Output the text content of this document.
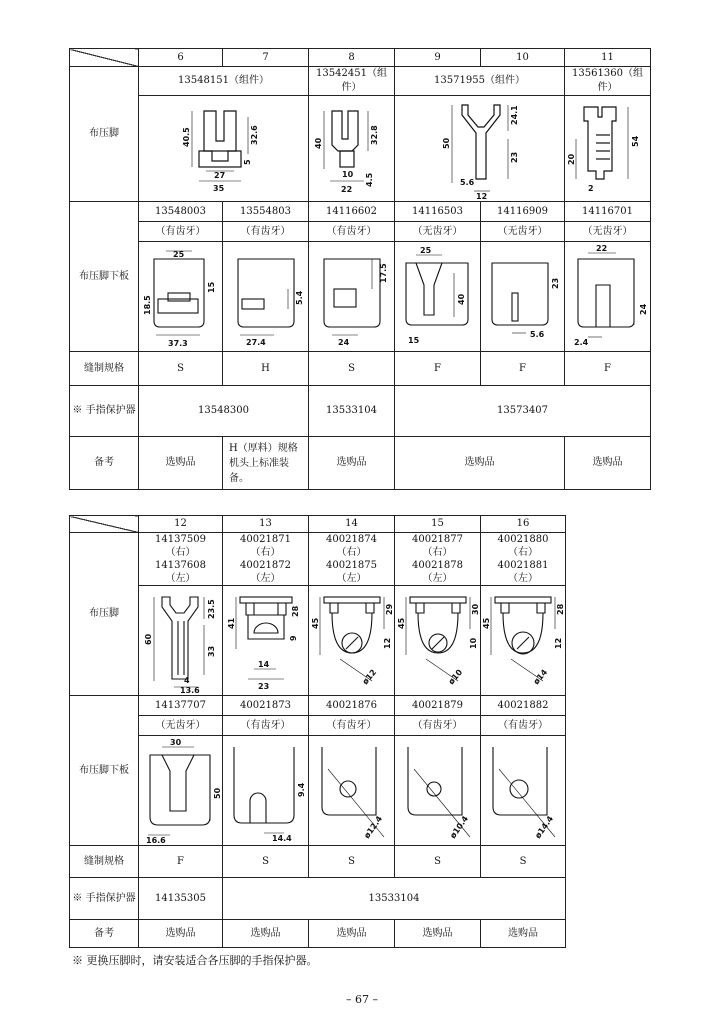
	6	7	8	9	10	11
布压脚	13548151（组件）		13542451（组件）	13571955（组件）		13561360（组件）

40.5 32.6
27
5
35		40 32.8
10 4.5
22	50
24.1
23
5.6
12		20
54
2

布压脚下板	13548003	13554803	14116602	14116503	14116909	14116701
	（有齿牙）	（有齿牙）	（有齿牙）	（无齿牙）	（无齿牙）	（无齿牙）

25
15
18.5
37.3	5.4
27.4	17.5
24	25
40
15	23
5.6	22
24
2.4

缝制规格	S	H	S	F	F	F
※ 手指保护器	13548300		13533104	13573407		
备考	选购品	H（厚料）规格机头上标准装备。	选购品	选购品		选购品
	12	13	14	15	16
布压脚	14137509（右）14137608（左）	40021871（右）40021872（左）	40021874（右）40021875（左）	40021877（右）40021878（左）	40021880（右）40021881（左）

60
23.5
33
4
13.6	41
28
9
14
23	45
29
12
ø12	45
30
10
ø10	45
28
12
ø14

布压脚下板	14137707	40021873	40021876	40021879	40021882
	（无齿牙）	（有齿牙）	（有齿牙）	（有齿牙）	（有齿牙）

30
50
16.6	9.4
14.4	ø12.4	ø10.4	ø14.4

缝制规格	F	S	S	S	S
※ 手指保护器	14135305	13533104			
备考	选购品	选购品	选购品	选购品	选购品
※ 更换压脚时，请安装适合各压脚的手指保护器。
– 67 –
